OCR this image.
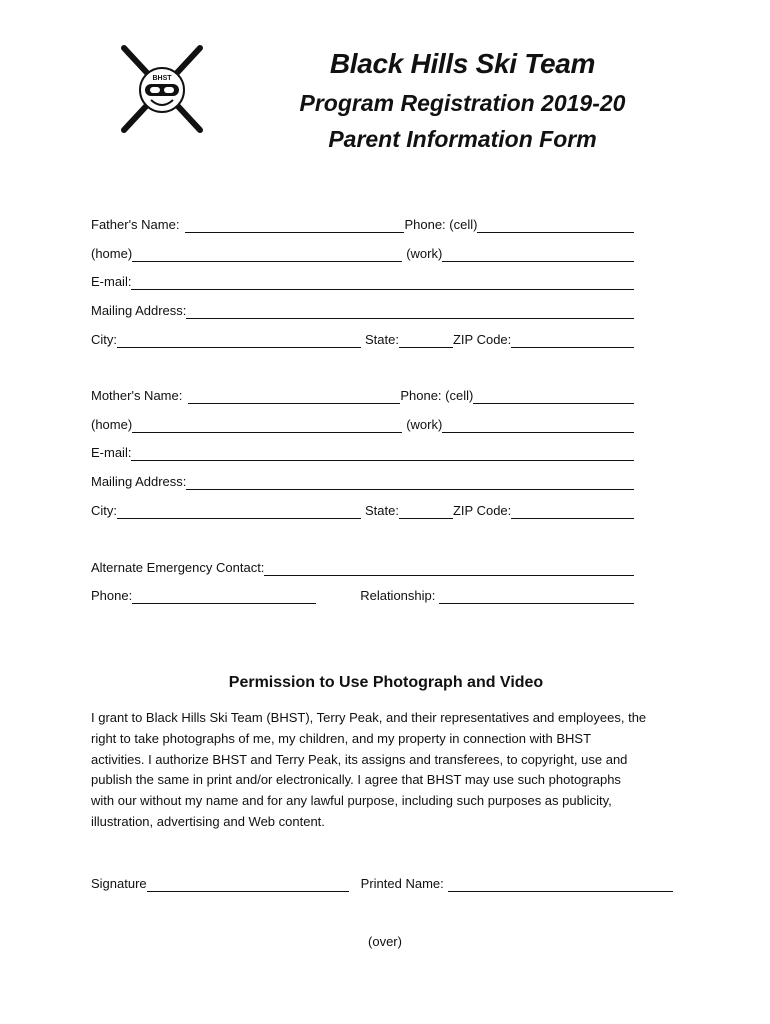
BHST	Black Hills Ski Team
Program Registration 2019-20
Parent Information Form
Father's Name:	Phone: (cell)
(home)	(work)
E-mail:
Mailing Address:
City:	State:	ZIP Code:
Mother's Name:	Phone: (cell)
(home)	(work)
E-mail:
Mailing Address:
City:	State:	ZIP Code:
Alternate Emergency Contact:
Phone:	Relationship:
Permission to Use Photograph and Video
I grant to Black Hills Ski Team (BHST), Terry Peak, and their representatives and employees, the
right to take photographs of me, my children, and my property in connection with BHST
activities. I authorize BHST and Terry Peak, its assigns and transferees, to copyright, use and
publish the same in print and/or electronically. I agree that BHST may use such photographs
with our without my name and for any lawful purpose, including such purposes as publicity,
illustration, advertising and Web content.
Signature	Printed Name:
(over)
